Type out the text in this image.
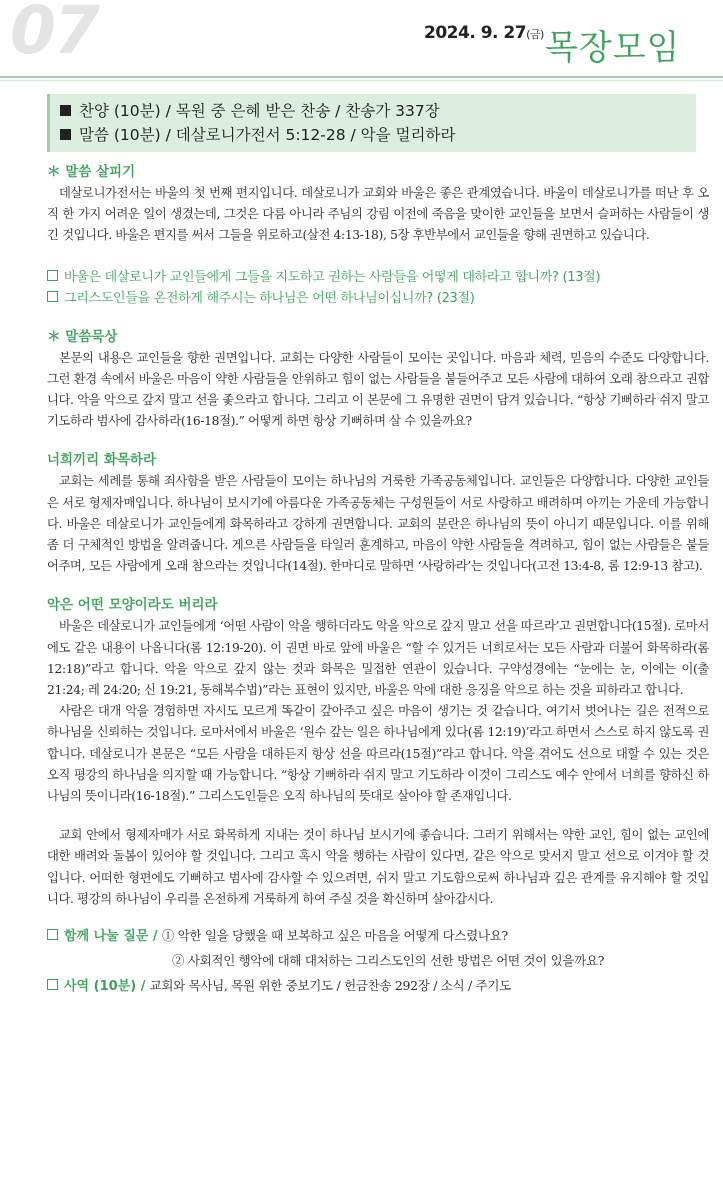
07	2024. 9. 27(금) 목장모임
찬양 (10분) / 목원 중 은혜 받은 찬송 / 찬송가 337장
말씀 (10분) / 데살로니가전서 5:12-28 / 악을 멀리하라
＊ 말씀 살피기

데살로니가전서는 바울의 첫 번째 편지입니다. 데살로니가 교회와 바울은 좋은 관계였습니다. 바울이 데살로니가를 떠난 후 오직 한 가지 어려운 일이 생겼는데, 그것은 다름 아니라 주님의 강림 이전에 죽음을 맞이한 교인들을 보면서 슬퍼하는 사람들이 생긴 것입니다. 바울은 편지를 써서 그들을 위로하고(살전 4:13-18), 5장 후반부에서 교인들을 향해 권면하고 있습니다.

바울은 데살로니가 교인들에게 그들을 지도하고 권하는 사람들을 어떻게 대하라고 합니까? (13절)
그리스도인들을 온전하게 해주시는 하나님은 어떤 하나님이십니까? (23절)
＊ 말씀묵상

본문의 내용은 교인들을 향한 권면입니다. 교회는 다양한 사람들이 모이는 곳입니다. 마음과 체력, 믿음의 수준도 다양합니다. 그런 환경 속에서 바울은 마음이 약한 사람들을 안위하고 힘이 없는 사람들을 붙들어주고 모든 사람에 대하여 오래 참으라고 권합니다. 악을 악으로 갚지 말고 선을 좇으라고 합니다. 그리고 이 본문에 그 유명한 권면이 담겨 있습니다. “항상 기뻐하라 쉬지 말고 기도하라 범사에 감사하라(16-18절).” 어떻게 하면 항상 기뻐하며 살 수 있을까요?

너희끼리 화목하라

교회는 세례를 통해 죄사함을 받은 사람들이 모이는 하나님의 거룩한 가족공동체입니다. 교인들은 다양합니다. 다양한 교인들은 서로 형제자매입니다. 하나님이 보시기에 아름다운 가족공동체는 구성원들이 서로 사랑하고 배려하며 아끼는 가운데 가능합니다. 바울은 데살로니가 교인들에게 화목하라고 강하게 권면합니다. 교회의 분란은 하나님의 뜻이 아니기 때문입니다. 이를 위해 좀 더 구체적인 방법을 알려줍니다. 게으른 사람들을 타일러 훈계하고, 마음이 약한 사람들을 격려하고, 힘이 없는 사람들은 붙들어주며, 모든 사람에게 오래 참으라는 것입니다(14절). 한마디로 말하면 ‘사랑하라’는 것입니다(고전 13:4-8, 롬 12:9-13 참고).

악은 어떤 모양이라도 버리라

바울은 데살로니가 교인들에게 ‘어떤 사람이 악을 행하더라도 악을 악으로 갚지 말고 선을 따르라’고 권면합니다(15절). 로마서에도 같은 내용이 나옵니다(롬 12:19-20). 이 권면 바로 앞에 바울은 “할 수 있거든 너희로서는 모든 사람과 더불어 화목하라(롬 12:18)”라고 합니다. 악을 악으로 갚지 않는 것과 화목은 밀접한 연관이 있습니다. 구약성경에는 “눈에는 눈, 이에는 이(출 21:24; 레 24:20; 신 19:21, 동해복수법)”라는 표현이 있지만, 바울은 악에 대한 응징을 악으로 하는 것을 피하라고 합니다.

사람은 대개 악을 경험하면 자시도 모르게 똑같이 갚아주고 싶은 마음이 생기는 것 같습니다. 여기서 벗어나는 길은 전적으로 하나님을 신뢰하는 것입니다. 로마서에서 바울은 ‘원수 갚는 일은 하나님에게 있다(롬 12:19)’라고 하면서 스스로 하지 않도록 권합니다. 데살로니가 본문은 “모든 사람을 대하든지 항상 선을 따르라(15절)”라고 합니다. 악을 겪어도 선으로 대할 수 있는 것은 오직 평강의 하나님을 의지할 때 가능합니다. “항상 기뻐하라 쉬지 말고 기도하라 이것이 그리스도 예수 안에서 너희를 향하신 하나님의 뜻이니라(16-18절).” 그리스도인들은 오직 하나님의 뜻대로 살아야 할 존재입니다.

교회 안에서 형제자매가 서로 화목하게 지내는 것이 하나님 보시기에 좋습니다. 그러기 위해서는 약한 교인, 힘이 없는 교인에 대한 배려와 돌봄이 있어야 할 것입니다. 그리고 혹시 악을 행하는 사람이 있다면, 같은 악으로 맞서지 말고 선으로 이겨야 할 것입니다. 어떠한 형편에도 기뻐하고 범사에 감사할 수 있으려면, 쉬지 말고 기도함으로써 하나님과 깊은 관계를 유지해야 할 것입니다. 평강의 하나님이 우리를 온전하게 거룩하게 하여 주실 것을 확신하며 살아갑시다.

함께 나눌 질문 / ① 악한 일을 당했을 때 보복하고 싶은 마음을 어떻게 다스렸나요?
② 사회적인 행악에 대해 대처하는 그리스도인의 선한 방법은 어떤 것이 있을까요?
사역 (10분) / 교회와 목사님, 목원 위한 중보기도 / 헌금찬송 292장 / 소식 / 주기도
